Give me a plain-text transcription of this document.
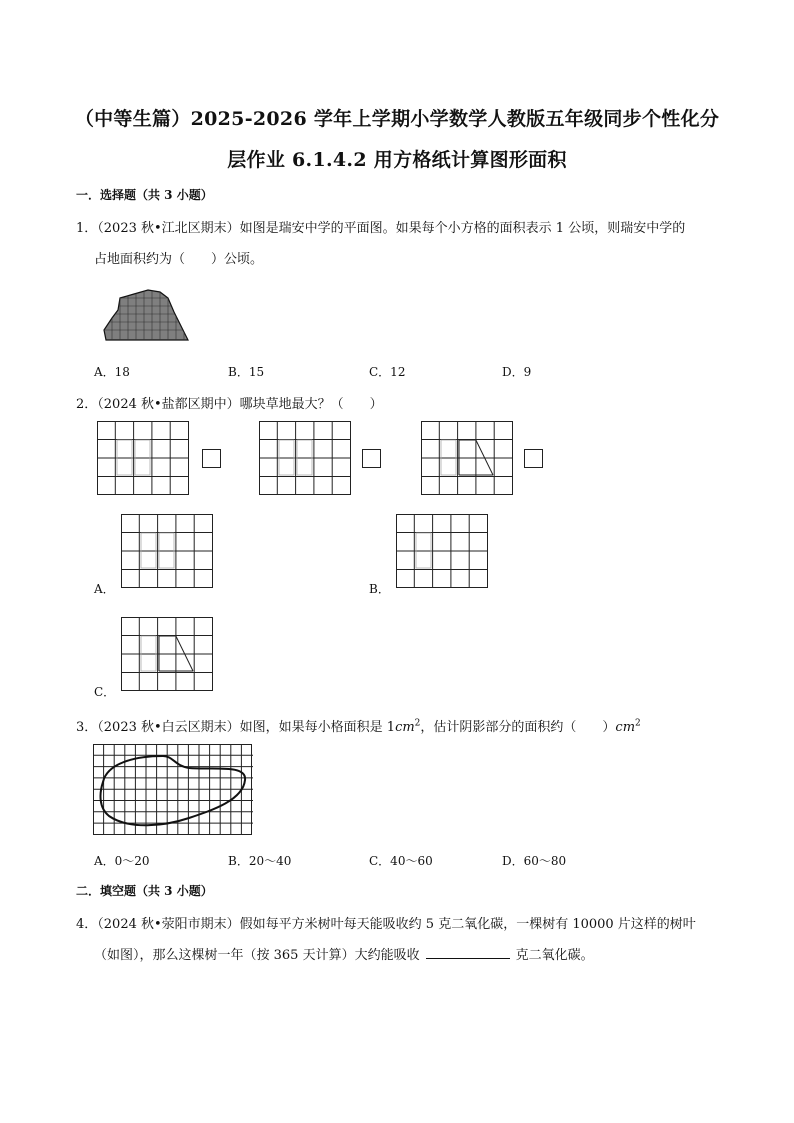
（中等生篇）2025-2026 学年上学期小学数学人教版五年级同步个性化分
层作业 6.1.4.2 用方格纸计算图形面积
一．选择题（共 3 小题）
1．（2023 秋•江北区期末）如图是瑞安中学的平面图。如果每个小方格的面积表示 1 公顷，则瑞安中学的
占地面积约为（　　）公顷。
A．18	B．15	C．12	D．9
2．（2024 秋•盐都区期中）哪块草地最大？（　　）
A．	B．
C．
3．（2023 秋•白云区期末）如图，如果每小格面积是 $1cm^2$，估计阴影部分的面积约（　　）$cm^2$
A．0～20	B．20～40	C．40～60	D．60～80
二．填空题（共 3 小题）
4．（2024 秋•荥阳市期末）假如每平方米树叶每天能吸收约 5 克二氧化碳，一棵树有 10000 片这样的树叶
（如图），那么这棵树一年（按 365 天计算）大约能吸收	克二氧化碳。
